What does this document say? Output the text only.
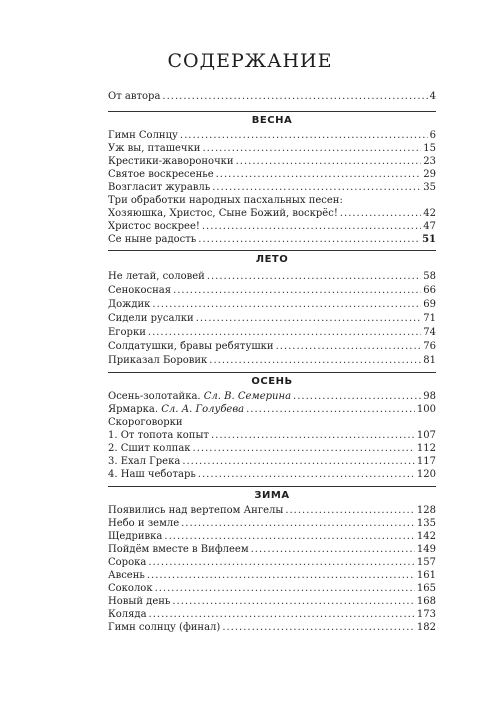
СОДЕРЖАНИЕ
От автора .....	4
ВЕСНА
Гимн Солнцу .....	6
Уж вы, пташечки .....	15
Крестики-жавороночки .....	23
Святое воскресенье .....	29
Возгласит журавль .....	35
Три обработки народных пасхальных песен:
Хозяюшка, Христос, Сыне Божий, воскрёс! .....	42
Христос воскрее! .....	47
Се ныне радость .....	51
ЛЕТО
Не летай, соловей .....	58
Сенокосная .....	66
Дождик .....	69
Сидели русалки .....	71
Егорки .....	74
Солдатушки, бравы ребятушки .....	76
Приказал Боровик .....	81
ОСЕНЬ
Осень-золотайка. Сл. В. Семерина .....	98
Ярмарка. Сл. А. Голубева .....	100
Скороговорки
1. От топота копыт .....	107
2. Сшит колпак .....	112
3. Ехал Грека .....	117
4. Наш чеботарь .....	120
ЗИМА
Появились над вертепом Ангелы .....	128
Небо и земле .....	135
Щедривка .....	142
Пойдём вместе в Вифлеем .....	149
Сорока .....	157
Авсень .....	161
Соколок .....	165
Новый день .....	168
Коляда .....	173
Гимн солнцу (финал) .....	182
